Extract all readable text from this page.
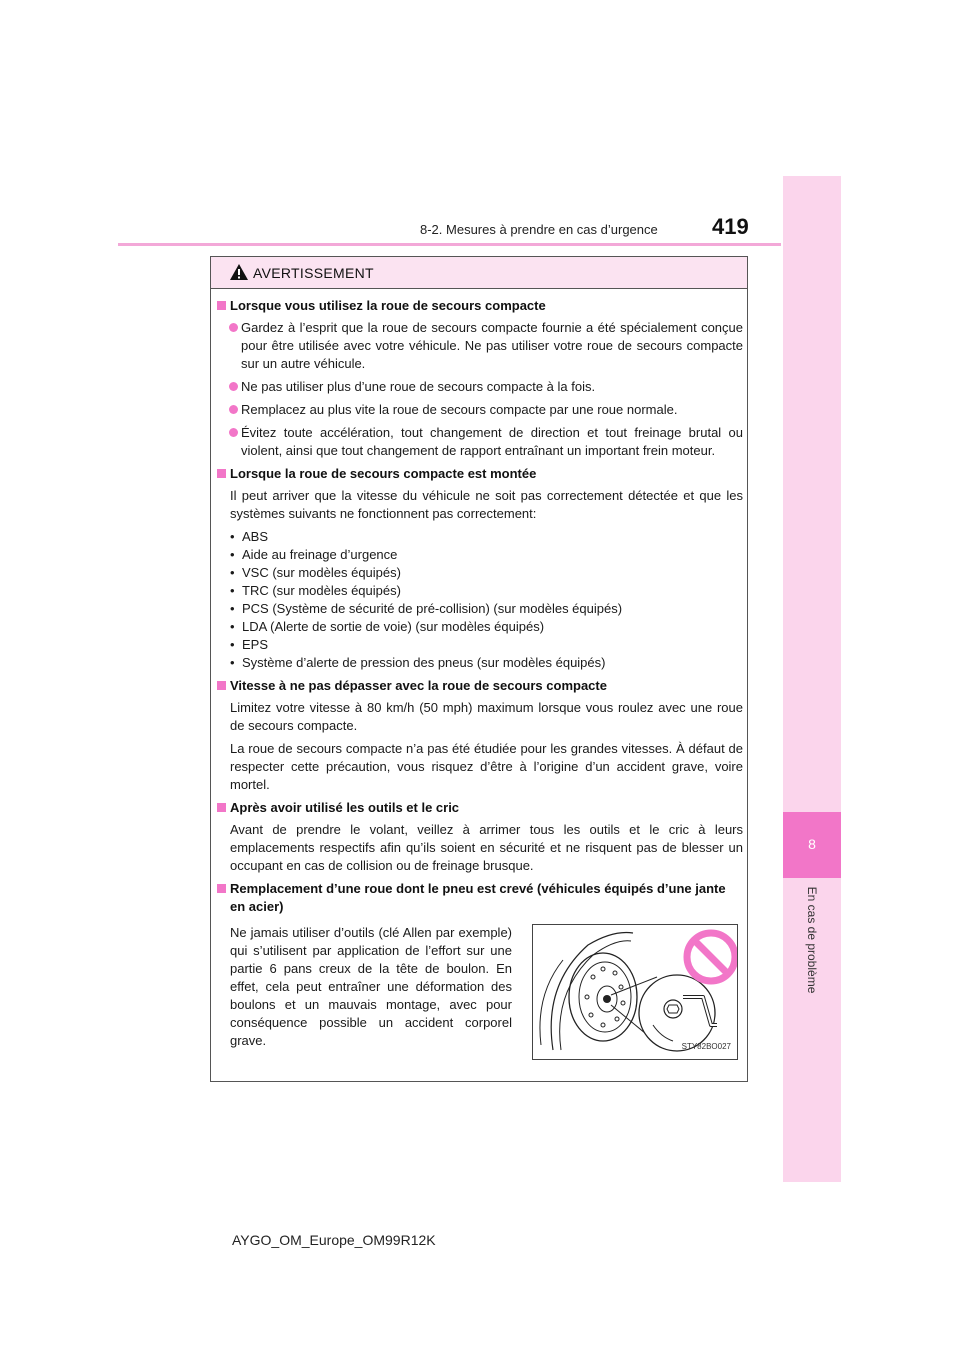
8-2. Mesures à prendre en cas d’urgence 419
8
En cas de problème
AVERTISSEMENT
Lorsque vous utilisez la roue de secours compacte
Gardez à l’esprit que la roue de secours compacte fournie a été spécialement conçue pour être utilisée avec votre véhicule. Ne pas utiliser votre roue de secours compacte sur un autre véhicule.
Ne pas utiliser plus d’une roue de secours compacte à la fois.
Remplacez au plus vite la roue de secours compacte par une roue normale.
Évitez toute accélération, tout changement de direction et tout freinage brutal ou violent, ainsi que tout changement de rapport entraînant un important frein moteur.
Lorsque la roue de secours compacte est montée
Il peut arriver que la vitesse du véhicule ne soit pas correctement détectée et que les systèmes suivants ne fonctionnent pas correctement:
• ABS
• Aide au freinage d’urgence
• VSC (sur modèles équipés)
• TRC (sur modèles équipés)
• PCS (Système de sécurité de pré-collision) (sur modèles équipés)
• LDA (Alerte de sortie de voie) (sur modèles équipés)
• EPS
• Système d’alerte de pression des pneus (sur modèles équipés)
Vitesse à ne pas dépasser avec la roue de secours compacte
Limitez votre vitesse à 80 km/h (50 mph) maximum lorsque vous roulez avec une roue de secours compacte.
La roue de secours compacte n’a pas été étudiée pour les grandes vitesses. À défaut de respecter cette précaution, vous risquez d’être à l’origine d’un accident grave, voire mortel.
Après avoir utilisé les outils et le cric
Avant de prendre le volant, veillez à arrimer tous les outils et le cric à leurs emplacements respectifs afin qu’ils soient en sécurité et ne risquent pas de blesser un occupant en cas de collision ou de freinage brusque.
Remplacement d’une roue dont le pneu est crevé (véhicules équipés d’une jante en acier)
Ne jamais utiliser d’outils (clé Allen par exemple) qui s’utilisent par application de l’effort sur une partie 6 pans creux de la tête de boulon. En effet, cela peut entraîner une déformation des boulons et un mauvais montage, avec pour conséquence possible un accident corporel grave.	STY82BO027
AYGO_OM_Europe_OM99R12K
